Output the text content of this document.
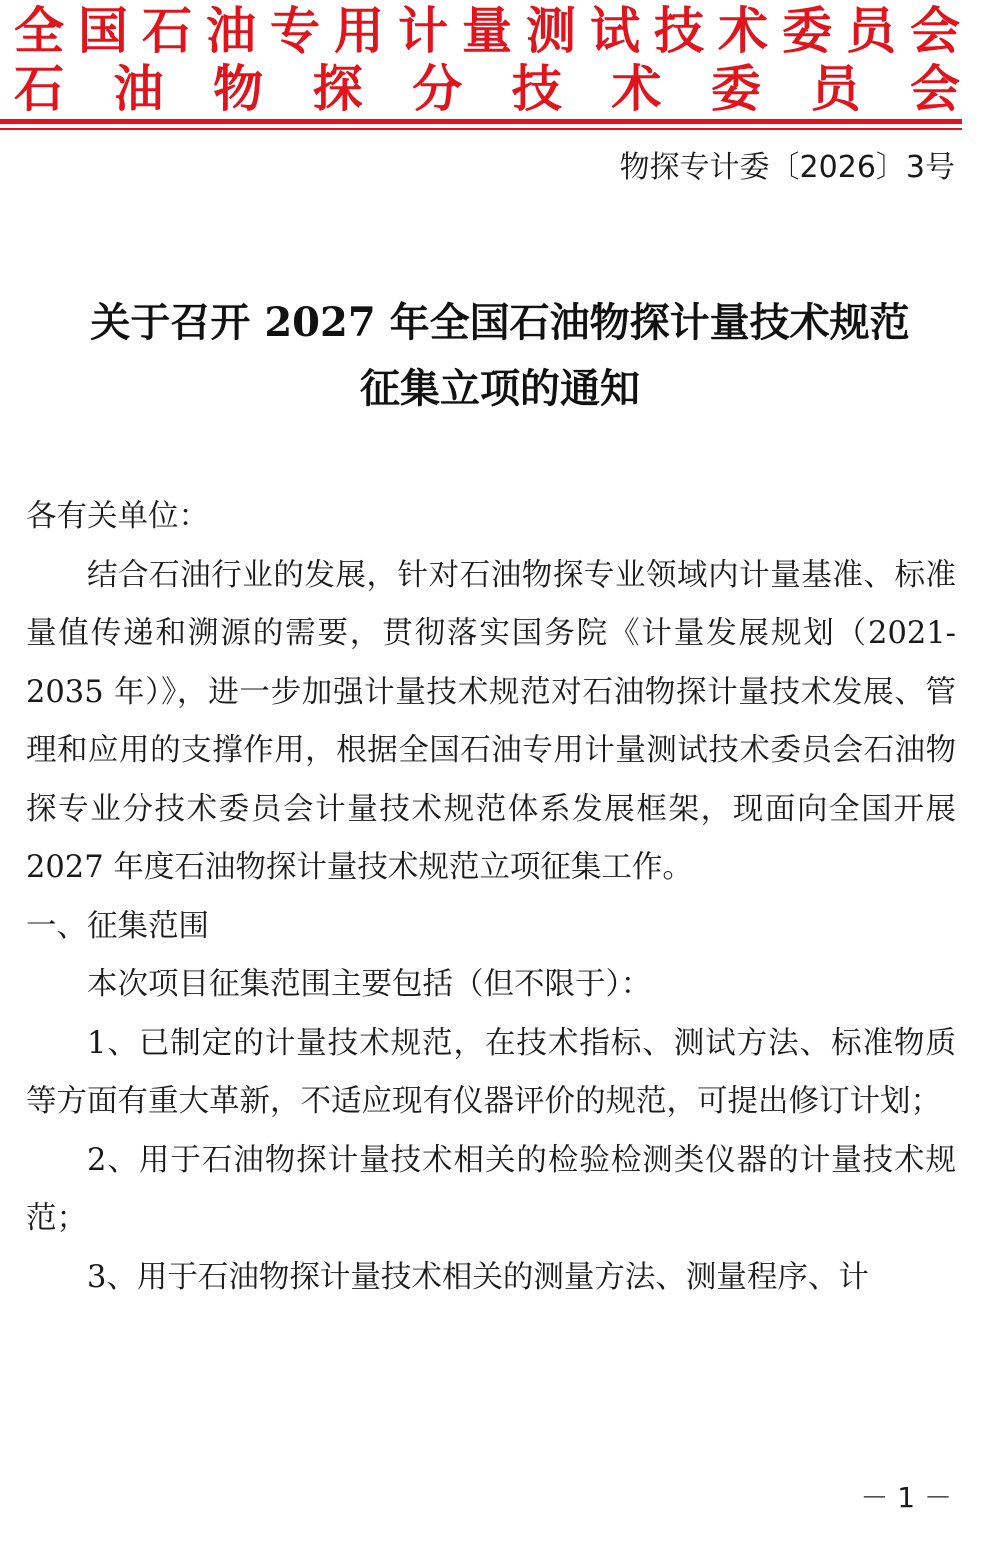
全国石油专用计量测试技术委员会
石油物探分技术委员会
物探专计委〔2026〕3号
关于召开 2027 年全国石油物探计量技术规范
征集立项的通知

各有关单位：

结合石油行业的发展，针对石油物探专业领域内计量基准、标准量值传递和溯源的需要，贯彻落实国务院《计量发展规划（2021-2035 年）》，进一步加强计量技术规范对石油物探计量技术发展、管理和应用的支撑作用，根据全国石油专用计量测试技术委员会石油物探专业分技术委员会计量技术规范体系发展框架，现面向全国开展 2027 年度石油物探计量技术规范立项征集工作。

一、征集范围

本次项目征集范围主要包括（但不限于）：

1、已制定的计量技术规范，在技术指标、测试方法、标准物质等方面有重大革新，不适应现有仪器评价的规范，可提出修订计划；

2、用于石油物探计量技术相关的检验检测类仪器的计量技术规范；

3、用于石油物探计量技术相关的测量方法、测量程序、计

－ 1 －
